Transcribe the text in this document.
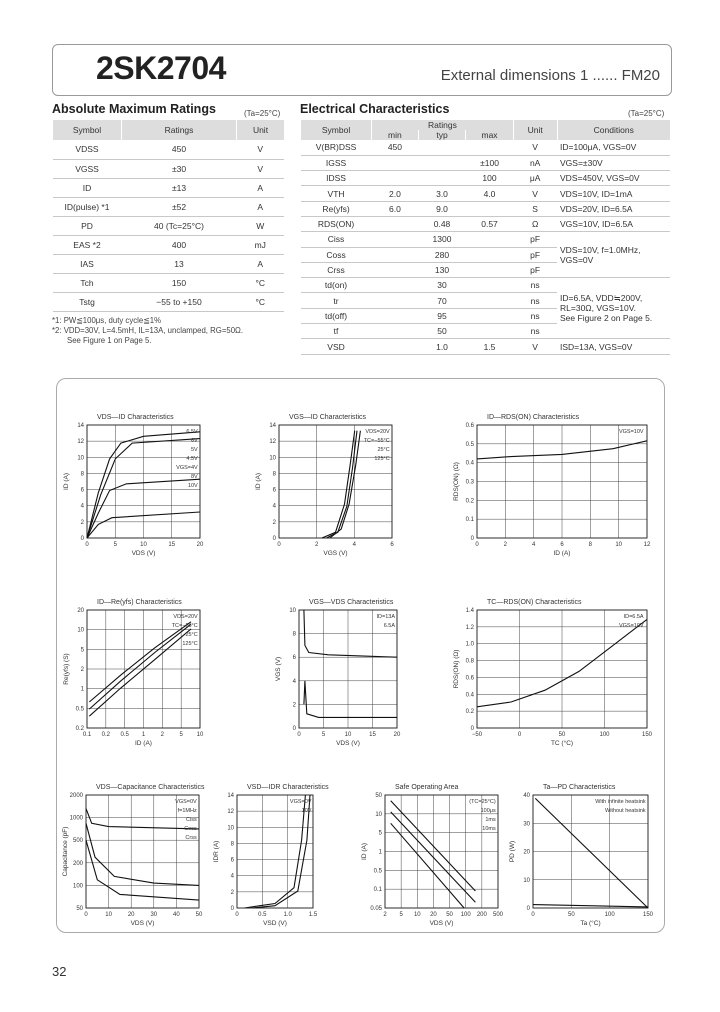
2SK2704	External dimensions 1 ...... FM20
Absolute Maximum Ratings	(Ta=25°C)
Symbol	Ratings	Unit
VDSS	450	V
VGSS	±30	V
ID	±13	A
ID(pulse) *1	±52	A
PD	40 (Tc=25°C)	W
EAS *2	400	mJ
IAS	13	A
Tch	150	°C
Tstg	−55 to +150	°C
*1: PW≦100μs, duty cycle≦1%
*2: VDD=30V, L=4.5mH, IL=13A, unclamped, RG=50Ω.
See Figure 1 on Page 5.
Electrical Characteristics	(Ta=25°C)
Symbol	Ratings			Unit	Conditions
	min	typ	max		
V(BR)DSS	450			V	ID=100μA, VGS=0V
IGSS			±100	nA	VGS=±30V
IDSS			100	μA	VDS=450V, VGS=0V
VTH	2.0	3.0	4.0	V	VDS=10V, ID=1mA
Re(yfs)	6.0	9.0		S	VDS=20V, ID=6.5A
RDS(ON)		0.48	0.57	Ω	VGS=10V, ID=6.5A
Ciss		1300		pF	VDS=10V, f=1.0MHz,
VGS=0V

Coss		280		pF	
Crss		130		pF	
td(on)		30		ns	ID=6.5A, VDD≒200V,
RL=30Ω, VGS=10V.
See Figure 2 on Page 5.

tr		70		ns	
td(off)		95		ns	
tf		50		ns	
VSD		1.0	1.5	V	ISD=13A, VGS=0V
VDS—ID Characteristics
0	5	10	15	20
0
2
4
6
8
10
12
14
VDS (V)
ID (A)
6.5V
6V
5V
4.5V
VGS=4V
8V
10V
VGS—ID Characteristics
0	2	4	6
0
2
4
6
8
10
12
14
VGS (V)
ID (A)
VDS=20V
TC=−55°C
25°C
125°C
ID—RDS(ON) Characteristics
0	2	4	6	8	10	12
0
0.1
0.2
0.3
0.4
0.5
0.6
ID (A)
RDS(ON) (Ω)
VGS=10V
ID—Re(yfs) Characteristics
0.1 0.2 0.5 1	2	5 10
0.2
0.5
1
2
5
10
20
ID (A)
Re(yfs) (S)
VDS=20V
TC=−55°C
25°C
125°C
VGS—VDS Characteristics
0	5	10	15	20
0
2
4
6
8
10
VDS (V)
VGS (V)
ID=13A
6.5A
TC—RDS(ON) Characteristics
−50	0	50	100	150
0
0.2
0.4
0.6
0.8
1.0
1.2
1.4
TC (°C)
RDS(ON) (Ω)
ID=6.5A
VGS=10V
VDS—Capacitance Characteristics
0	10	20	30	40	50
50
100
200
500
1000
2000
VDS (V)
Capacitance (pF)
VGS=0V
f=1MHz
Ciss
Coss
Crss
VSD—IDR Characteristics
0	0.5	1.0	1.5
0
2
4
6
8
10
12
14
VSD (V)
IDR (A)
VGS=0V
10V
Safe Operating Area
2 5 10 20 50 100 200 500
0.05
0.1
0.5
1
5
10
50
VDS (V)
ID (A)
(TC=25°C)
100μs
1ms
10ms
Ta—PD Characteristics
0	50	100	150
0
10
20
30
40
Ta (°C)
PD (W)
With infinite heatsink
Without heatsink
32
